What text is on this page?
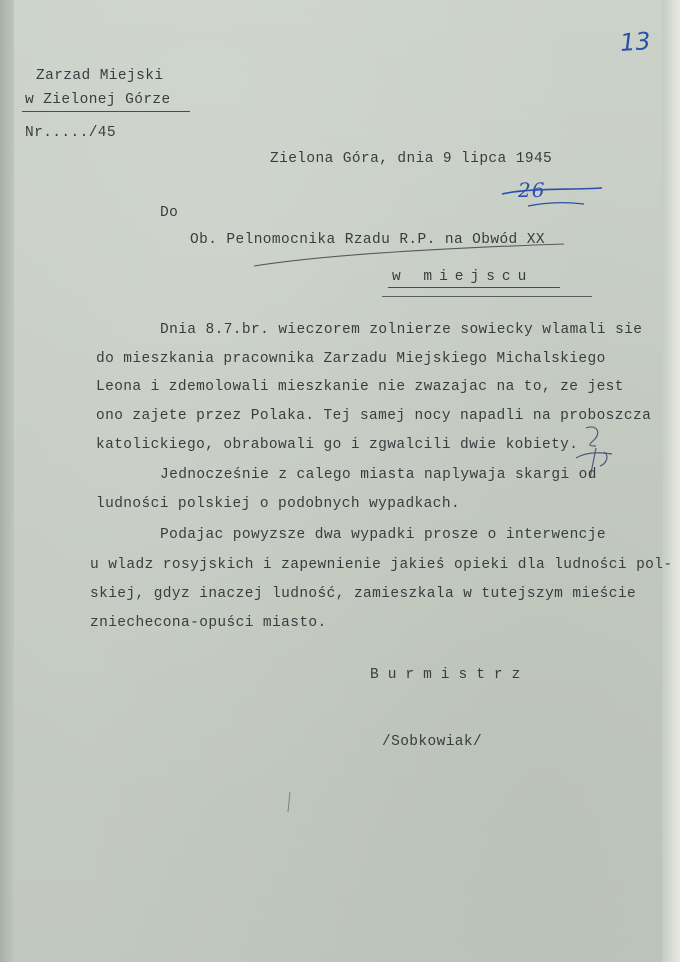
13
Zarzad Miejski
w Zielonej Górze
Nr...../45
Zielona Góra, dnia 9 lipca 1945
26
Do
Ob. Pelnomocnika Rzadu R.P. na Obwód XX
w miejscu
Dnia 8.7.br. wieczorem zolnierze sowiecky wlamali sie
do mieszkania pracownika Zarzadu Miejskiego Michalskiego
Leona i zdemolowali mieszkanie nie zwazajac na to, ze jest
ono zajete przez Polaka. Tej samej nocy napadli na proboszcza
katolickiego, obrabowali go i zgwalcili dwie kobiety.
Jednocześnie z calego miasta naplywaja skargi od
ludności polskiej o podobnych wypadkach.
Podajac powyzsze dwa wypadki prosze o interwencje
u wladz rosyjskich i zapewnienie jakieś opieki dla ludności pol-
skiej, gdyz inaczej ludność, zamieszkala w tutejszym mieście
zniechecona-opuści miasto.
Burmistrz
/Sobkowiak/
